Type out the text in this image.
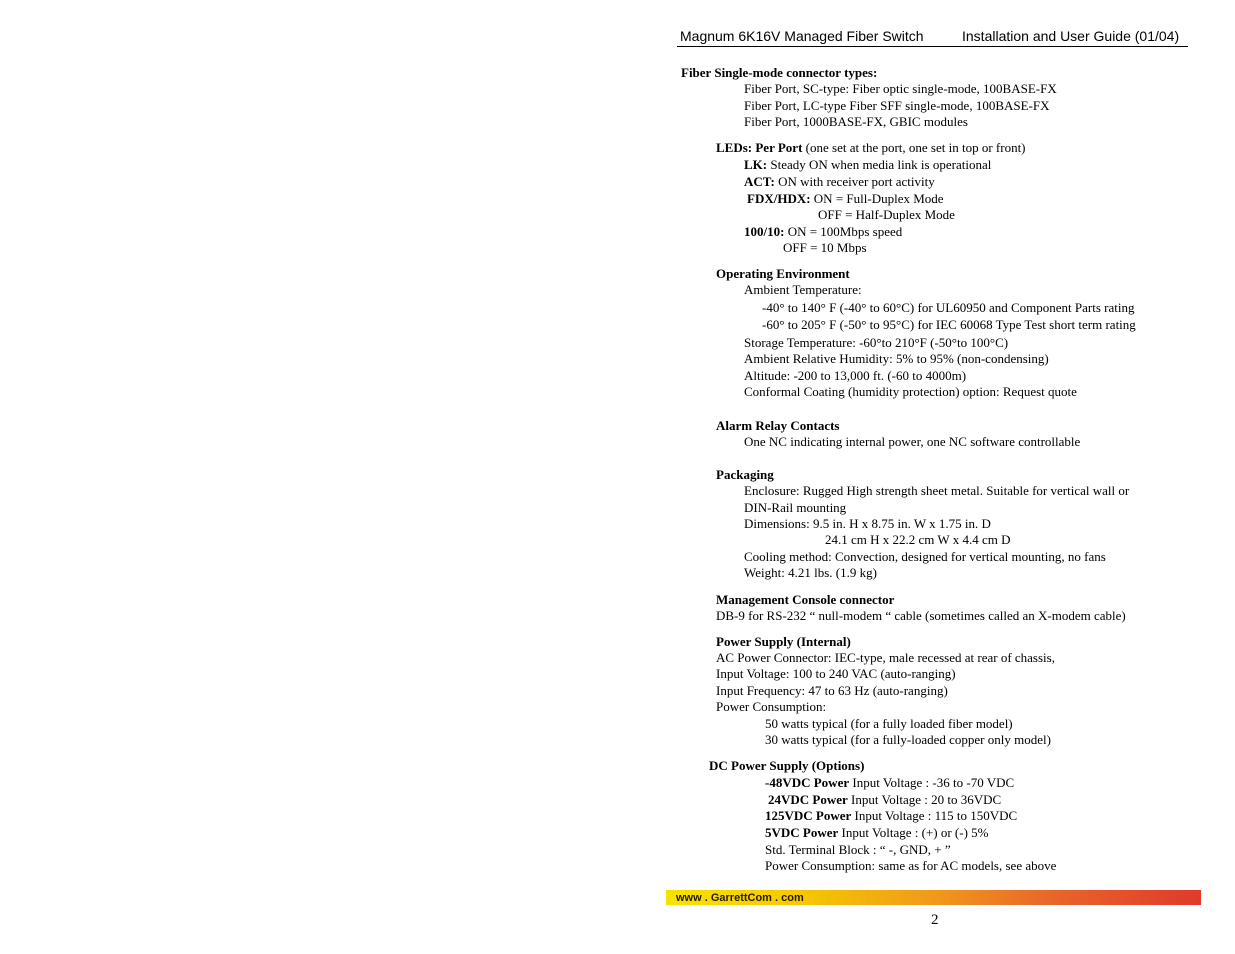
Magnum 6K16V Managed Fiber Switch	Installation and User Guide (01/04)
Fiber Single-mode connector types:
Fiber Port, SC-type: Fiber optic single-mode, 100BASE-FX
Fiber Port, LC-type Fiber SFF single-mode, 100BASE-FX
Fiber Port, 1000BASE-FX, GBIC modules
LEDs: Per Port (one set at the port, one set in top or front)
LK: Steady ON when media link is operational
ACT: ON with receiver port activity
FDX/HDX: ON = Full-Duplex Mode
OFF = Half-Duplex Mode
100/10: ON = 100Mbps speed
OFF = 10 Mbps
Operating Environment
Ambient Temperature:
-40° to 140° F (-40° to 60°C) for UL60950 and Component Parts rating
-60° to 205° F (-50° to 95°C) for IEC 60068 Type Test short term rating
Storage Temperature: -60°to 210°F (-50°to 100°C)
Ambient Relative Humidity: 5% to 95% (non-condensing)
Altitude: -200 to 13,000 ft. (-60 to 4000m)
Conformal Coating (humidity protection) option: Request quote
Alarm Relay Contacts
One NC indicating internal power, one NC software controllable
Packaging
Enclosure: Rugged High strength sheet metal. Suitable for vertical wall or
DIN-Rail mounting
Dimensions: 9.5 in. H x 8.75 in. W x 1.75 in. D
24.1 cm H x 22.2 cm W x 4.4 cm D
Cooling method: Convection, designed for vertical mounting, no fans
Weight: 4.21 lbs. (1.9 kg)
Management Console connector
DB-9 for RS-232 “ null-modem “ cable (sometimes called an X-modem cable)
Power Supply (Internal)
AC Power Connector: IEC-type, male recessed at rear of chassis,
Input Voltage: 100 to 240 VAC (auto-ranging)
Input Frequency: 47 to 63 Hz (auto-ranging)
Power Consumption:
50 watts typical (for a fully loaded fiber model)
30 watts typical (for a fully-loaded copper only model)
DC Power Supply (Options)
-48VDC Power Input Voltage : -36 to -70 VDC
24VDC Power Input Voltage : 20 to 36VDC
125VDC Power Input Voltage : 115 to 150VDC
5VDC Power Input Voltage : (+) or (-) 5%
Std. Terminal Block : “ -, GND, + ”
Power Consumption: same as for AC models, see above
www . GarrettCom . com
2
